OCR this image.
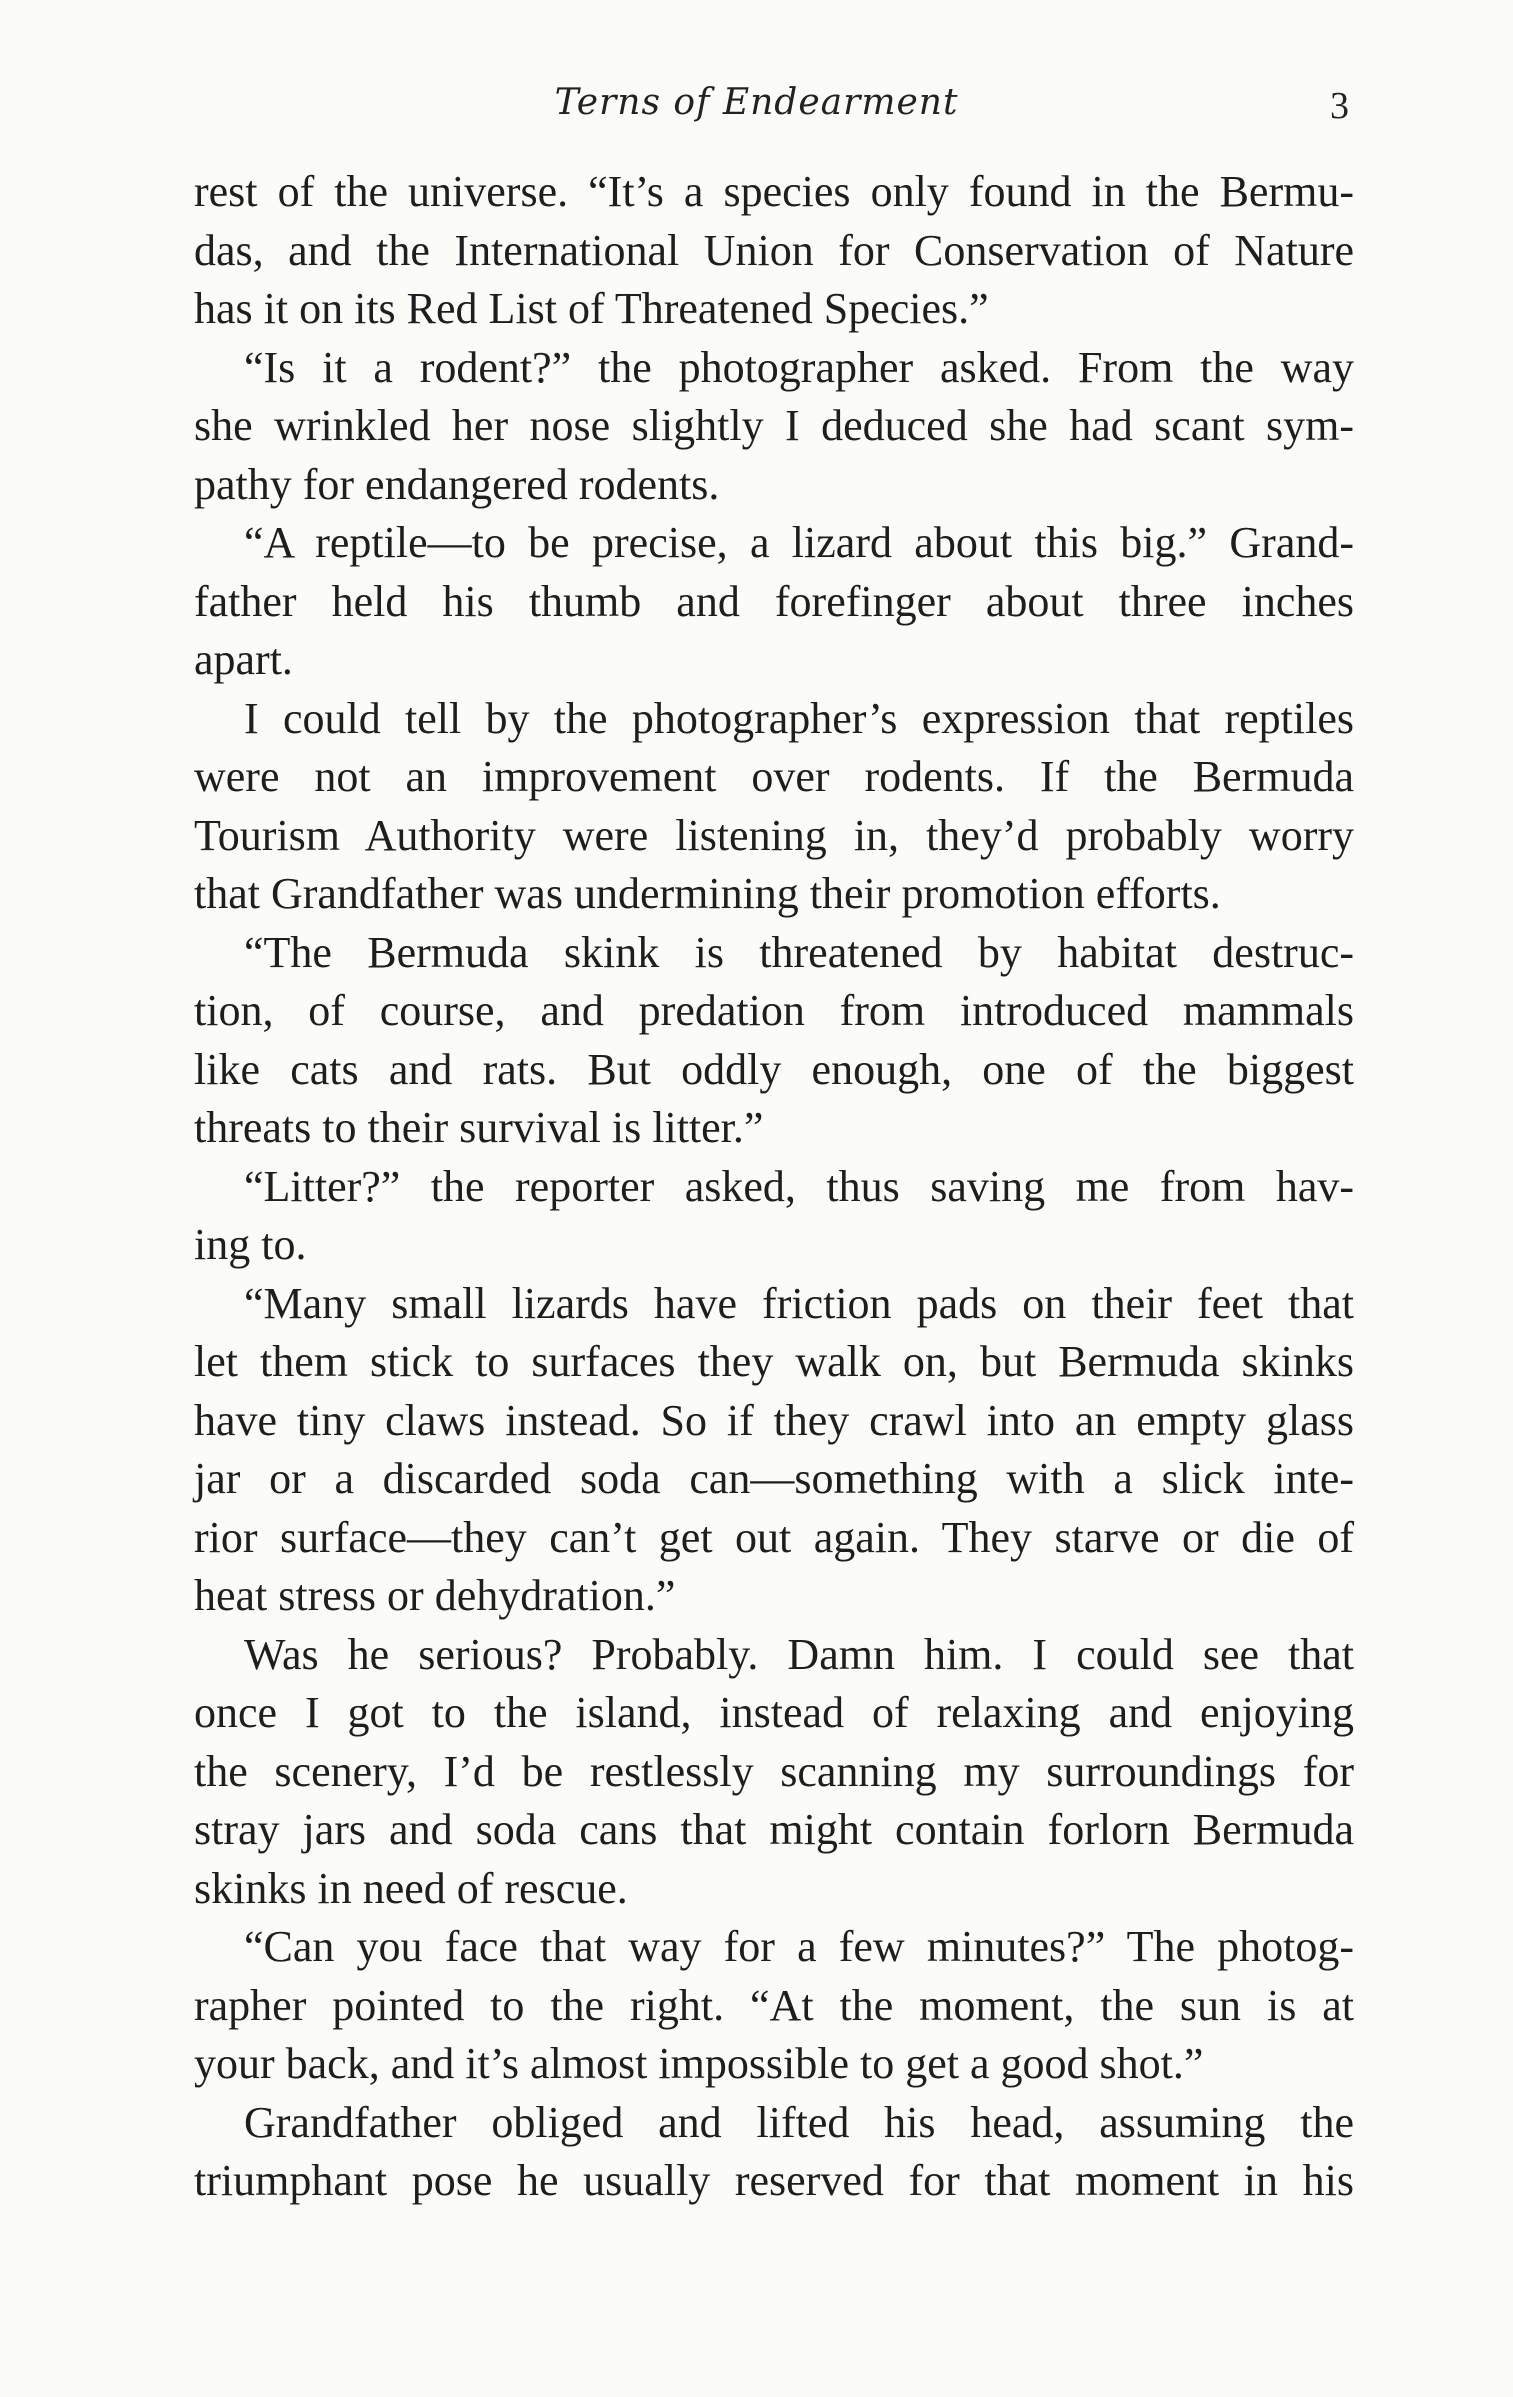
Terns of Endearment	3
rest of the universe. “It’s a species only found in the Bermu-
das, and the International Union for Conservation of Nature
has it on its Red List of Threatened Species.”
“Is it a rodent?” the photographer asked. From the way
she wrinkled her nose slightly I deduced she had scant sym-
pathy for endangered rodents.
“A reptile—to be precise, a lizard about this big.” Grand-
father held his thumb and forefinger about three inches
apart.
I could tell by the photographer’s expression that reptiles
were not an improvement over rodents. If the Bermuda
Tourism Authority were listening in, they’d probably worry
that Grandfather was undermining their promotion efforts.
“The Bermuda skink is threatened by habitat destruc-
tion, of course, and predation from introduced mammals
like cats and rats. But oddly enough, one of the biggest
threats to their survival is litter.”
“Litter?” the reporter asked, thus saving me from hav-
ing to.
“Many small lizards have friction pads on their feet that
let them stick to surfaces they walk on, but Bermuda skinks
have tiny claws instead. So if they crawl into an empty glass
jar or a discarded soda can—something with a slick inte-
rior surface—they can’t get out again. They starve or die of
heat stress or dehydration.”
Was he serious? Probably. Damn him. I could see that
once I got to the island, instead of relaxing and enjoying
the scenery, I’d be restlessly scanning my surroundings for
stray jars and soda cans that might contain forlorn Bermuda
skinks in need of rescue.
“Can you face that way for a few minutes?” The photog-
rapher pointed to the right. “At the moment, the sun is at
your back, and it’s almost impossible to get a good shot.”
Grandfather obliged and lifted his head, assuming the
triumphant pose he usually reserved for that moment in his
